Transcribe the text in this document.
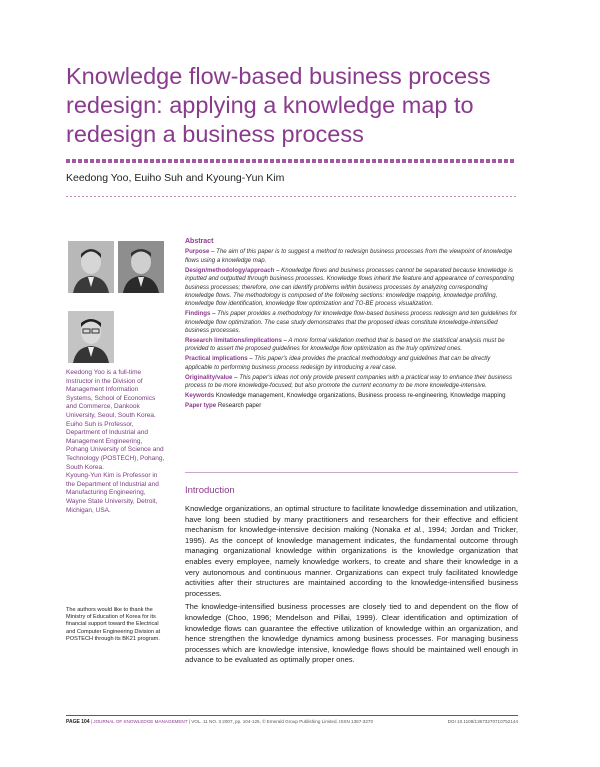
Knowledge flow-based business process redesign: applying a knowledge map to redesign a business process
Keedong Yoo, Euiho Suh and Kyoung-Yun Kim

Keedong Yoo is a full-time Instructor in the Division of Management Information Systems, School of Economics and Commerce, Dankook University, Seoul, South Korea.

Euiho Suh is Professor, Department of Industrial and Management Engineering, Pohang University of Science and Technology (POSTECH), Pohang, South Korea.

Kyoung-Yun Kim is Professor in the Department of Industrial and Manufacturing Engineering, Wayne State University, Detroit, Michigan, USA.

The authors would like to thank the Ministry of Education of Korea for its financial support toward the Electrical and Computer Engineering Division at POSTECH through its BK21 program.
Abstract

Purpose – The aim of this paper is to suggest a method to redesign business processes from the viewpoint of knowledge flows using a knowledge map.

Design/methodology/approach – Knowledge flows and business processes cannot be separated because knowledge is inputted and outputted through business processes. Knowledge flows inherit the feature and appearance of corresponding business processes; therefore, one can identify problems within business processes by analyzing corresponding knowledge flows. The methodology is composed of the following sections: knowledge mapping, knowledge profiling, knowledge flow identification, knowledge flow optimization and TO-BE process visualization.

Findings – This paper provides a methodology for knowledge flow-based business process redesign and ten guidelines for knowledge flow optimization. The case study demonstrates that the proposed ideas constitute knowledge-intensified business processes.

Research limitations/implications – A more formal validation method that is based on the statistical analysis must be provided to assert the proposed guidelines for knowledge flow optimization as the truly optimized ones.

Practical implications – This paper's idea provides the practical methodology and guidelines that can be directly applicable to performing business process redesign by introducing a real case.

Originality/value – This paper's ideas not only provide present companies with a practical way to enhance their business process to be more knowledge-focused, but also promote the current economy to be more knowledge-intensive.

Keywords Knowledge management, Knowledge organizations, Business process re-engineering, Knowledge mapping

Paper type Research paper

Introduction

Knowledge organizations, an optimal structure to facilitate knowledge dissemination and utilization, have long been studied by many practitioners and researchers for their effective and efficient mechanism for knowledge-intensive decision making (Nonaka et al., 1994; Jordan and Tricker, 1995). As the concept of knowledge management indicates, the fundamental outcome through managing organizational knowledge within organizations is the knowledge organization that enables every employee, namely knowledge workers, to create and share their knowledge in a very autonomous and continuous manner. Organizations can expect truly facilitated knowledge activities after their structures are maintained according to the knowledge-intensified business processes.

The knowledge-intensified business processes are closely tied to and dependent on the flow of knowledge (Choo, 1996; Mendelson and Pillai, 1999). Clear identification and optimization of knowledge flows can guarantee the effective utilization of knowledge within an organization, and hence strengthen the knowledge dynamics among business processes. For managing business processes which are knowledge intensive, knowledge flows should be maintained well enough in advance to be evaluated as optimally proper ones.

PAGE 104 | JOURNAL OF KNOWLEDGE MANAGEMENT | VOL. 11 NO. 3 2007, pp. 104-125, © Emerald Group Publishing Limited, ISSN 1367-3270	DOI 10.1108/13673270710752144
